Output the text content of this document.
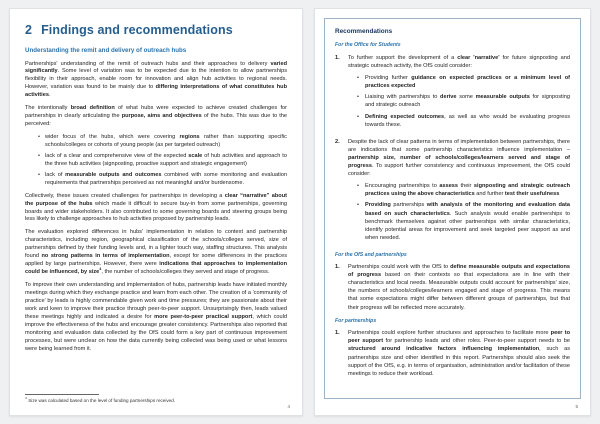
2 Findings and recommendations
Understanding the remit and delivery of outreach hubs

Partnerships' understanding of the remit of outreach hubs and their approaches to delivery varied significantly. Some level of variation was to be expected due to the intention to allow partnerships flexibility in their approach, enable room for innovation and align hub activities to regional needs. However, variation was found to be mainly due to differing interpretations of what constitutes hub activities.

The intentionally broad definition of what hubs were expected to achieve created challenges for partnerships in clearly articulating the purpose, aims and objectives of the hubs. This was due to the perceived:

• wider focus of the hubs, which were covering regions rather than supporting specific schools/colleges or cohorts of young people (as per targeted outreach)
• lack of a clear and comprehensive view of the expected scale of hub activities and approach to the three hub activities (signposting, proactive support and strategic engagement)
• lack of measurable outputs and outcomes combined with some monitoring and evaluation requirements that partnerships perceived as not meaningful and/or burdensome.

Collectively, these issues created challenges for partnerships in developing a clear “narrative” about the purpose of the hubs which made it difficult to secure buy-in from some partnerships, governing boards and wider stakeholders. It also contributed to some governing boards and steering groups being less likely to challenge approaches to hub activities proposed by partnership leads.

The evaluation explored differences in hubs' implementation in relation to context and partnership characteristics, including region, geographical classification of the schools/colleges served, size of partnerships defined by their funding levels and, in a lighter touch way, staffing structures. This analysis found no strong patterns in terms of implementation, except for some differences in the practices applied by large partnerships. However, there were indications that approaches to implementation could be influenced, by size$^4$, the number of schools/colleges they served and stage of progress.

To improve their own understanding and implementation of hubs, partnership leads have initiated monthly meetings during which they exchange practice and learn from each other. The creation of a 'community of practice' by leads is highly commendable given work and time pressures; they are passionate about their work and keen to improve their practice through peer-to-peer support. Unsurprisingly then, leads valued these meetings highly and indicated a desire for more peer-to-peer practical support, which could improve the effectiveness of the hubs and encourage greater consistency. Partnerships also reported that monitoring and evaluation data collected by the OfS could form a key part of continuous improvement processes, but were unclear on how the data currently being collected was being used or what lessons were being learned from it.

$^4$ Size was calculated based on the level of funding partnerships received.
4
Recommendations
For the Office for Students
1.	To further support the development of a clear 'narrative' for future signposting and strategic outreach activity, the OfS could consider:
• Providing further guidance on expected practices or a minimum level of practices expected
• Liaising with partnerships to derive some measurable outputs for signposting and strategic outreach
• Defining expected outcomes, as well as who would be evaluating progress towards these.
2.	Despite the lack of clear patterns in terms of implementation between partnerships, there are indications that some partnership characteristics influence implementation – partnership size, number of schools/colleges/learners served and stage of progress. To support further consistency and continuous improvement, the OfS could consider:
• Encouraging partnerships to assess their signposting and strategic outreach practices using the above characteristics and further test their usefulness
• Providing partnerships with analysis of the monitoring and evaluation data based on such characteristics. Such analysis would enable partnerships to benchmark themselves against other partnerships with similar characteristics, identify potential areas for improvement and seek targeted peer support as and when needed.
For the OfS and partnerships
1.	Partnerships could work with the OfS to define measurable outputs and expectations of progress based on their contexts so that expectations are in line with their characteristics and local needs. Measurable outputs could account for partnerships' size, the numbers of schools/colleges/learners engaged and stage of progress. This means that some expectations might differ between different groups of partnerships, but that their progress will be reflected more accurately.
For partnerships
1.	Partnerships could explore further structures and approaches to facilitate more peer to peer support for partnership leads and other roles. Peer-to-peer support needs to be structured around indicative factors influencing implementation, such as partnerships size and other identified in this report. Partnerships should also seek the support of the OfS, e.g. in terms of organisation, administration and/or facilitation of these meetings to reduce their workload.
5
